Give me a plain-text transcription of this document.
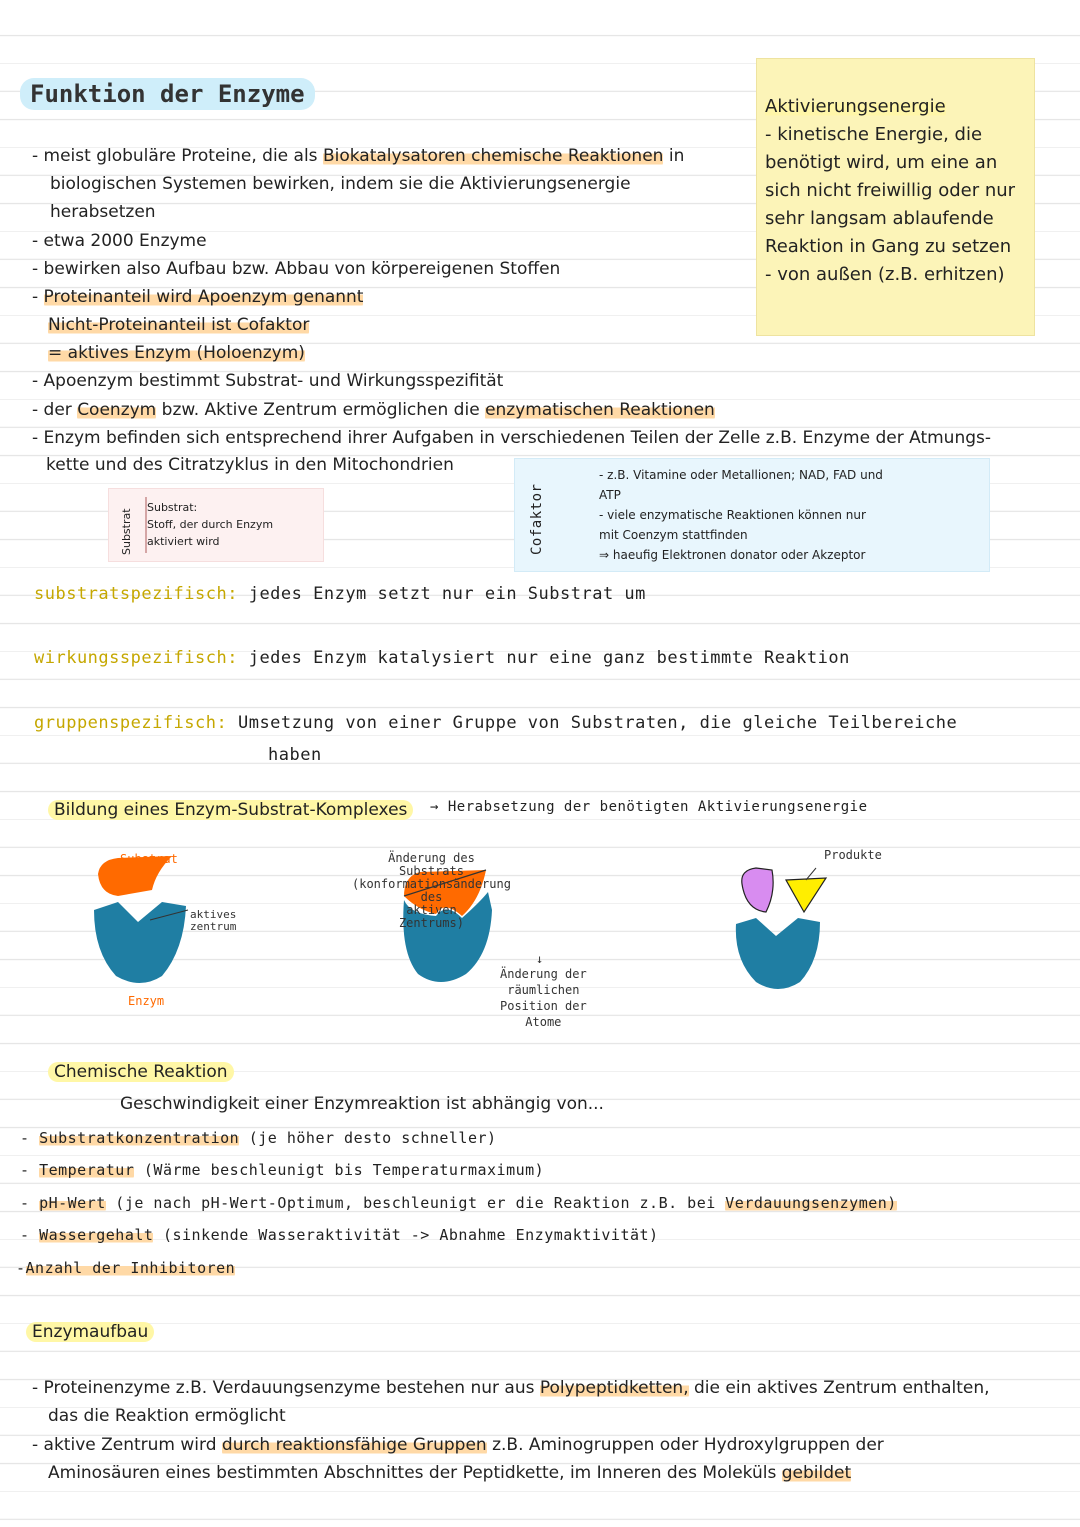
Funktion der Enzyme	Aktivierungsenergie
- kinetische Energie, die
benötigt wird, um eine an
sich nicht freiwillig oder nur
sehr langsam ablaufende
Reaktion in Gang zu setzen
- von außen (z.B. erhitzen)
- meist globuläre Proteine, die als Biokatalysatoren chemische Reaktionen in
biologischen Systemen bewirken, indem sie die Aktivierungsenergie
herabsetzen
- etwa 2000 Enzyme
- bewirken also Aufbau bzw. Abbau von körpereigenen Stoffen
- Proteinanteil wird Apoenzym genannt
Nicht-Proteinanteil ist Cofaktor
= aktives Enzym (Holoenzym)
- Apoenzym bestimmt Substrat- und Wirkungsspezifität
- der Coenzym bzw. Aktive Zentrum ermöglichen die enzymatischen Reaktionen
- Enzym befinden sich entsprechend ihrer Aufgaben in verschiedenen Teilen der Zelle z.B. Enzyme der Atmungs-
kette und des Citratzyklus in den Mitochondrien
Substrat
Substrat:
Stoff, der durch Enzym
aktiviert wird	Cofaktor
- z.B. Vitamine oder Metallionen; NAD, FAD und
ATP
- viele enzymatische Reaktionen können nur
mit Coenzym stattfinden
⇒ haeufig Elektronen donator oder Akzeptor
substratspezifisch: jedes Enzym setzt nur ein Substrat um
wirkungsspezifisch: jedes Enzym katalysiert nur eine ganz bestimmte Reaktion
gruppenspezifisch: Umsetzung von einer Gruppe von Substraten, die gleiche Teilbereiche
haben
Bildung eines Enzym-Substrat-Komplexes	→ Herabsetzung der benötigten Aktivierungsenergie
Substrat
aktives
zentrum
Enzym
Änderung des
Substrats
(konformationsänderung
des
aktiven
Zentrums)
↓
Änderung der
räumlichen
Position der
Atome
Produkte
Chemische Reaktion
Geschwindigkeit einer Enzymreaktion ist abhängig von...
- Substratkonzentration (je höher desto schneller)
- Temperatur (Wärme beschleunigt bis Temperaturmaximum)
- pH-Wert (je nach pH-Wert-Optimum, beschleunigt er die Reaktion z.B. bei Verdauungsenzymen)
- Wassergehalt (sinkende Wasseraktivität -> Abnahme Enzymaktivität)
-Anzahl der Inhibitoren
Enzymaufbau
- Proteinenzyme z.B. Verdauungsenzyme bestehen nur aus Polypeptidketten, die ein aktives Zentrum enthalten,
das die Reaktion ermöglicht
- aktive Zentrum wird durch reaktionsfähige Gruppen z.B. Aminogruppen oder Hydroxylgruppen der
Aminosäuren eines bestimmten Abschnittes der Peptidkette, im Inneren des Moleküls gebildet
